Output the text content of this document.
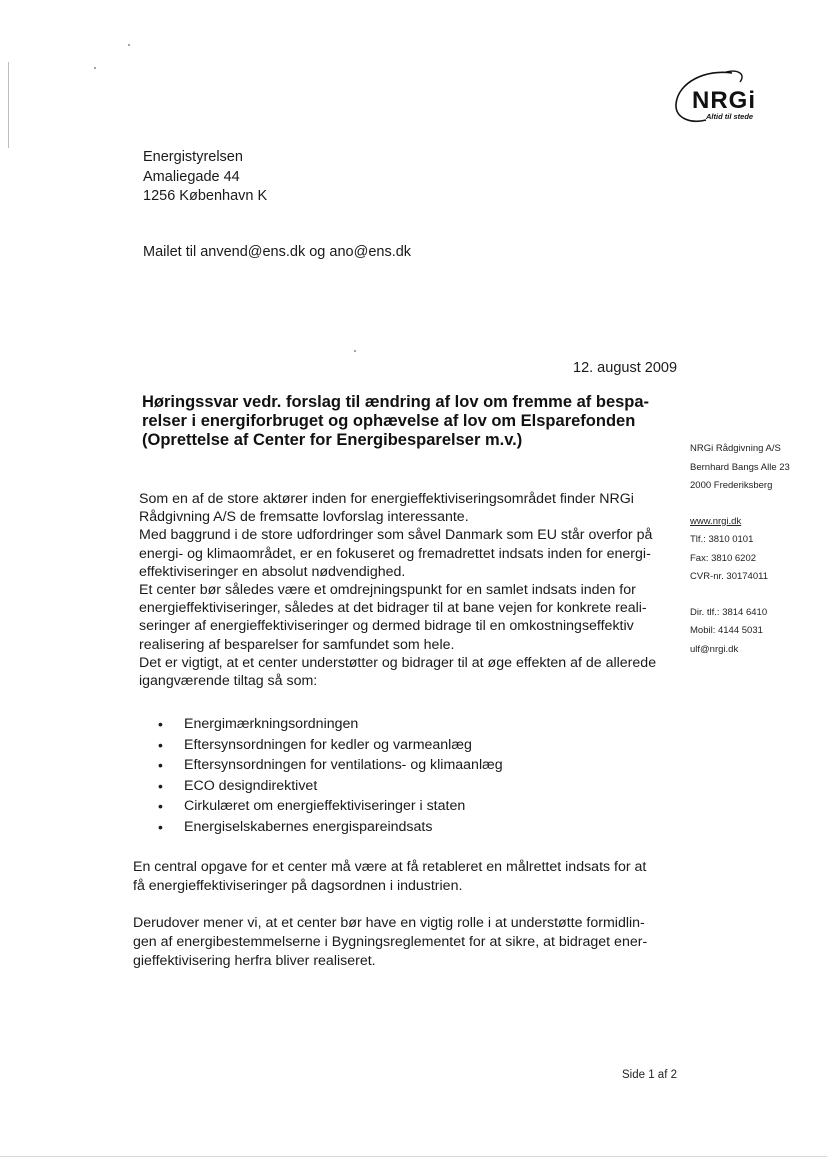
NRGi
Altid til stede
Energistyrelsen
Amaliegade 44
1256 København K
Mailet til anvend@ens.dk og ano@ens.dk
12. august 2009
Høringssvar vedr. forslag til ændring af lov om fremme af bespa-
relser i energiforbruget og ophævelse af lov om Elsparefonden
(Oprettelse af Center for Energibesparelser m.v.)	NRGi Rådgivning A/S
Bernhard Bangs Alle 23
2000 Frederiksberg
www.nrgi.dk
Tlf.: 3810 0101
Fax: 3810 6202
CVR-nr. 30174011
Dir. tlf.: 3814 6410
Mobil: 4144 5031
ulf@nrgi.dk
Som en af de store aktører inden for energieffektiviseringsområdet finder NRGi
Rådgivning A/S de fremsatte lovforslag interessante.
Med baggrund i de store udfordringer som såvel Danmark som EU står overfor på
energi- og klimaområdet, er en fokuseret og fremadrettet indsats inden for energi-
effektiviseringer en absolut nødvendighed.
Et center bør således være et omdrejningspunkt for en samlet indsats inden for
energieffektiviseringer, således at det bidrager til at bane vejen for konkrete reali-
seringer af energieffektiviseringer og dermed bidrage til en omkostningseffektiv
realisering af besparelser for samfundet som hele.
Det er vigtigt, at et center understøtter og bidrager til at øge effekten af de allerede
igangværende tiltag så som:
• Energimærkningsordningen
• Eftersynsordningen for kedler og varmeanlæg
• Eftersynsordningen for ventilations- og klimaanlæg
• ECO designdirektivet
• Cirkulæret om energieffektiviseringer i staten
• Energiselskabernes energispareindsats
En central opgave for et center må være at få retableret en målrettet indsats for at
få energieffektiviseringer på dagsordnen i industrien.
Derudover mener vi, at et center bør have en vigtig rolle i at understøtte formidlin-
gen af energibestemmelserne i Bygningsreglementet for at sikre, at bidraget ener-
gieffektivisering herfra bliver realiseret.
Side 1 af 2
